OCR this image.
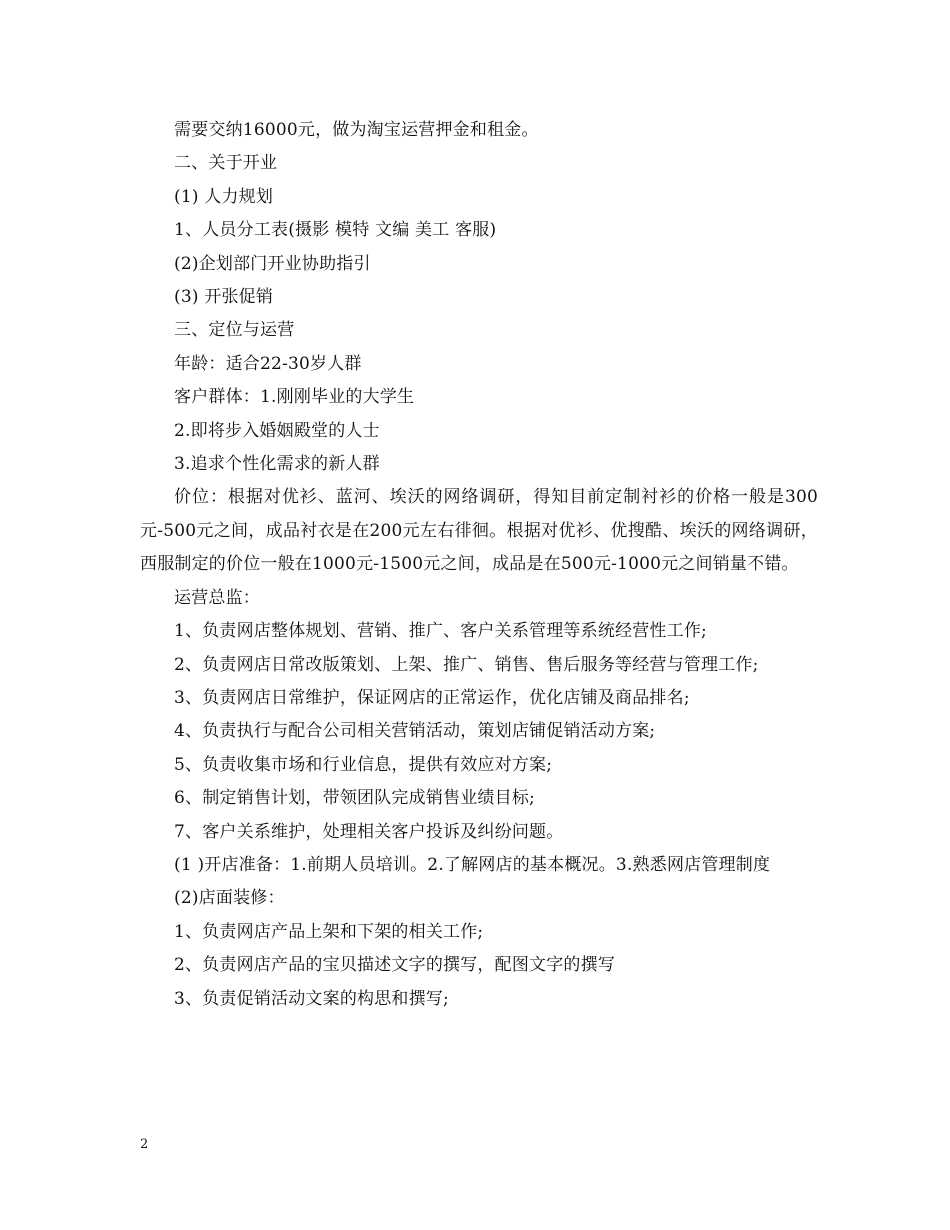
需要交纳16000元，做为淘宝运营押金和租金。

二、关于开业

(1) 人力规划

1、人员分工表(摄影 模特 文编 美工 客服)

(2)企划部门开业协助指引

(3) 开张促销

三、定位与运营

年龄：适合22-30岁人群

客户群体：1.刚刚毕业的大学生

2.即将步入婚姻殿堂的人士

3.追求个性化需求的新人群

价位：根据对优衫、蓝河、埃沃的网络调研，得知目前定制衬衫的价格一般是300元-500元之间，成品衬衣是在200元左右徘徊。根据对优衫、优搜酷、埃沃的网络调研，西服制定的价位一般在1000元-1500元之间，成品是在500元-1000元之间销量不错。

运营总监：

1、负责网店整体规划、营销、推广、客户关系管理等系统经营性工作;

2、负责网店日常改版策划、上架、推广、销售、售后服务等经营与管理工作;

3、负责网店日常维护，保证网店的正常运作，优化店铺及商品排名;

4、负责执行与配合公司相关营销活动，策划店铺促销活动方案;

5、负责收集市场和行业信息，提供有效应对方案;

6、制定销售计划，带领团队完成销售业绩目标;

7、客户关系维护，处理相关客户投诉及纠纷问题。

(1 )开店准备：1.前期人员培训。2.了解网店的基本概况。3.熟悉网店管理制度

(2)店面装修：

1、负责网店产品上架和下架的相关工作;

2、负责网店产品的宝贝描述文字的撰写，配图文字的撰写

3、负责促销活动文案的构思和撰写;

2
